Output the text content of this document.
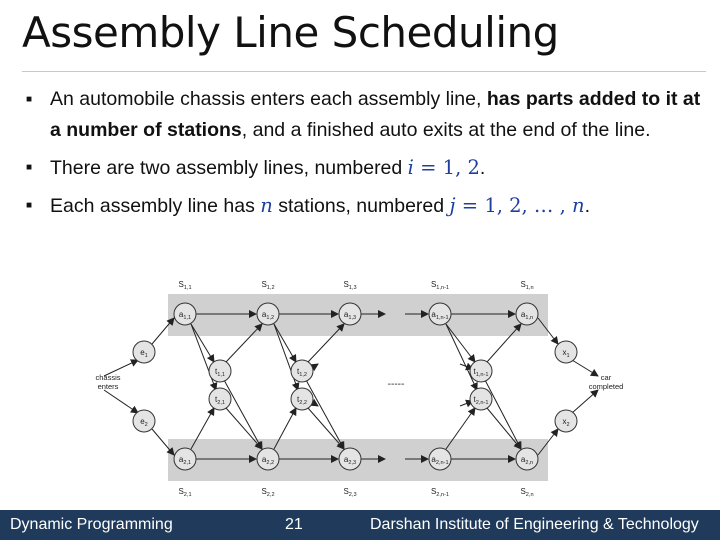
Assembly Line Scheduling
■ An automobile chassis enters each assembly line, has parts added to it at a number of stations, and a finished auto exits at the end of the line.
■ There are two assembly lines, numbered i = 1, 2.
■ Each assembly line has n stations, numbered j = 1, 2, … , n.
$S_{1,1}$	$S_{1,2}$	$S_{1,3}$	$S_{1,n-1}$	$S_{1,n}$
$S_{2,1}$	$S_{2,2}$	$S_{2,3}$	$S_{2,n-1}$	$S_{2,n}$
$a_{1,1}$	$a_{1,2}$	$a_{1,3}$	$a_{1,n-1}$	$a_{1,n}$
$a_{2,1}$	$a_{2,2}$	$a_{2,3}$	$a_{2,n-1}$	$a_{2,n}$
$t_{1,1}$	$t_{1,2}$	$t_{1,n-1}$
$t_{2,1}$	$t_{2,2}$	$t_{2,n-1}$
$e_1$
$e_2$
$x_1$
$x_2$
chassis
enters
car
completed
-----
Dynamic Programming	21	Darshan Institute of Engineering & Technology
